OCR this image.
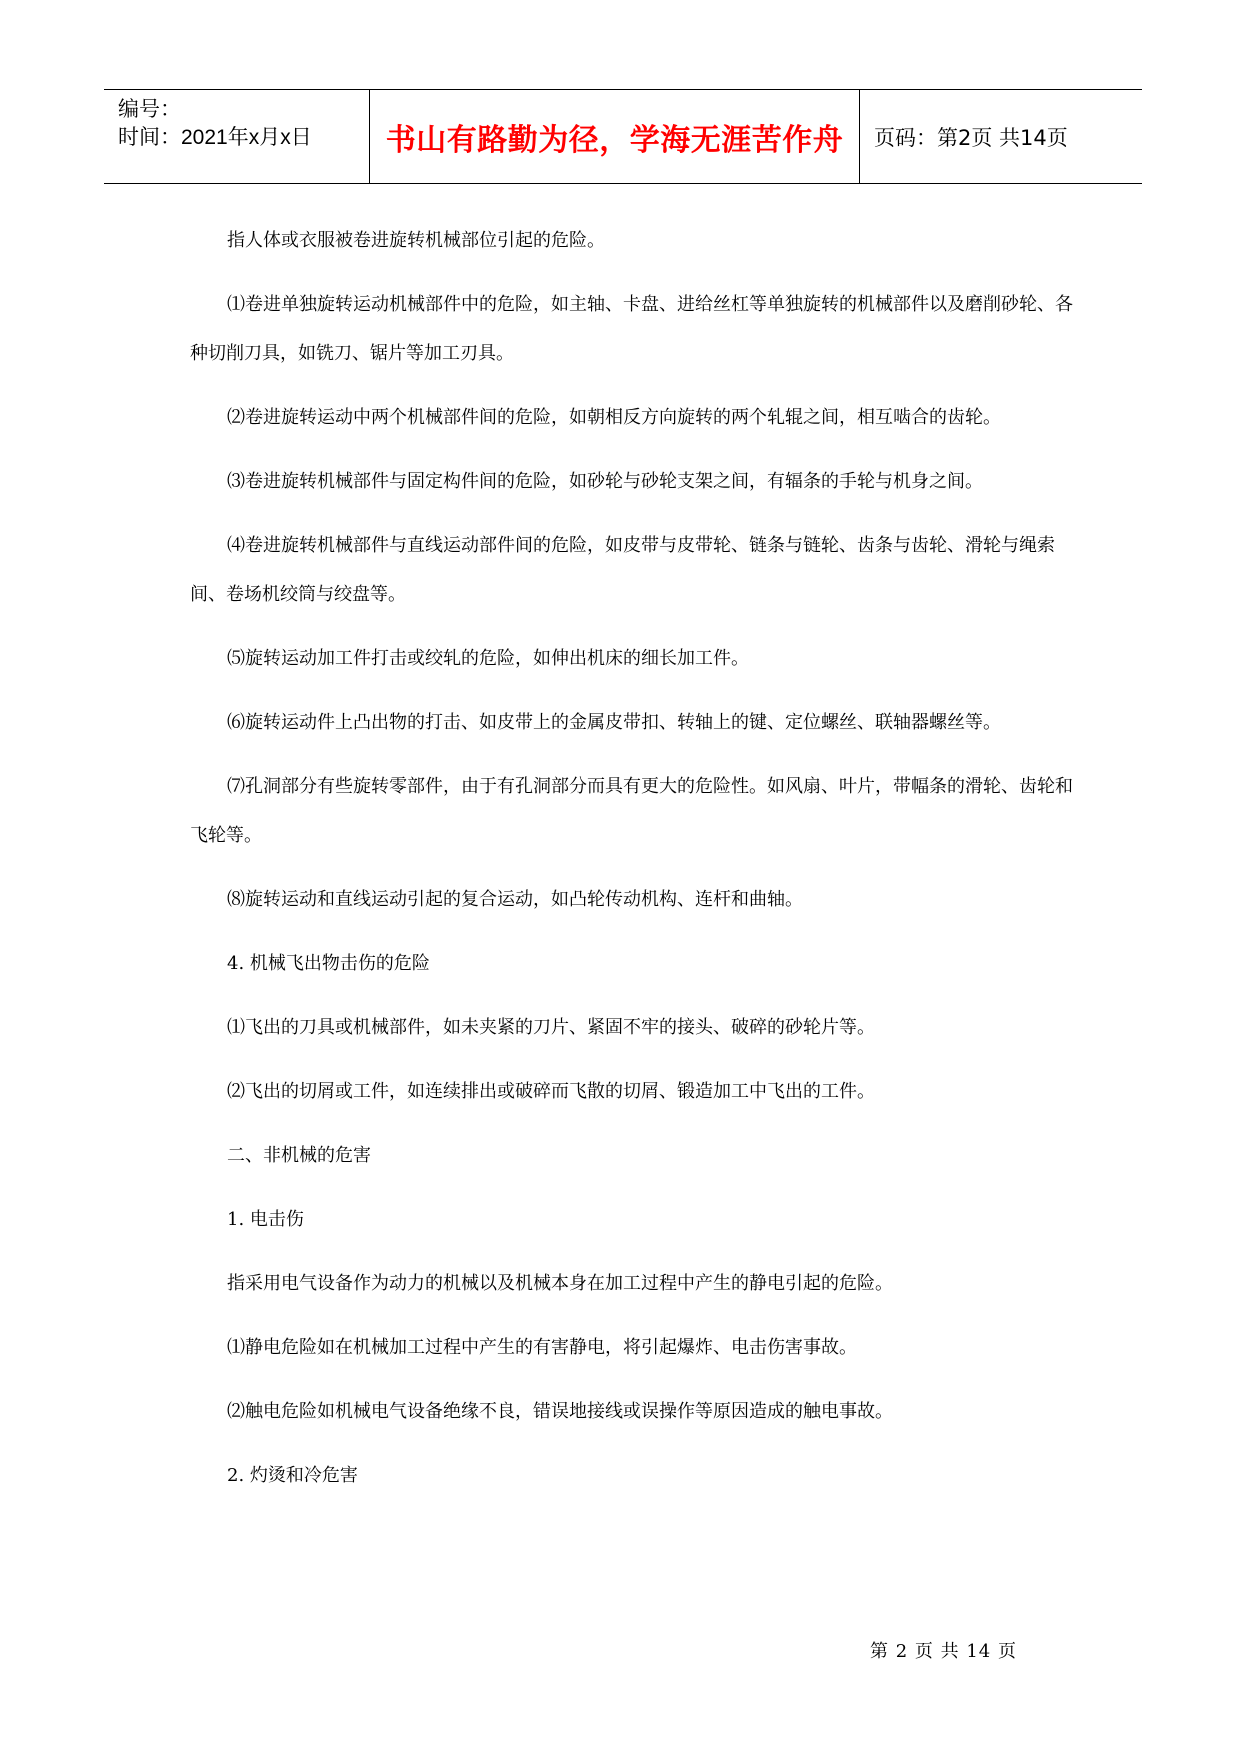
编号：
时间：2021年x月x日	书山有路勤为径，学海无涯苦作舟	页码：第2页 共14页

指人体或衣服被卷进旋转机械部位引起的危险。

⑴卷进单独旋转运动机械部件中的危险，如主轴、卡盘、进给丝杠等单独旋转的机械部件以及磨削砂轮、各种切削刀具，如铣刀、锯片等加工刃具。

⑵卷进旋转运动中两个机械部件间的危险，如朝相反方向旋转的两个轧辊之间，相互啮合的齿轮。

⑶卷进旋转机械部件与固定构件间的危险，如砂轮与砂轮支架之间，有辐条的手轮与机身之间。

⑷卷进旋转机械部件与直线运动部件间的危险，如皮带与皮带轮、链条与链轮、齿条与齿轮、滑轮与绳索间、卷场机绞筒与绞盘等。

⑸旋转运动加工件打击或绞轧的危险，如伸出机床的细长加工件。

⑹旋转运动件上凸出物的打击、如皮带上的金属皮带扣、转轴上的键、定位螺丝、联轴器螺丝等。

⑺孔洞部分有些旋转零部件，由于有孔洞部分而具有更大的危险性。如风扇、叶片，带幅条的滑轮、齿轮和飞轮等。

⑻旋转运动和直线运动引起的复合运动，如凸轮传动机构、连杆和曲轴。

4. 机械飞出物击伤的危险

⑴飞出的刀具或机械部件，如未夹紧的刀片、紧固不牢的接头、破碎的砂轮片等。

⑵飞出的切屑或工件，如连续排出或破碎而飞散的切屑、锻造加工中飞出的工件。

二、非机械的危害

1. 电击伤

指采用电气设备作为动力的机械以及机械本身在加工过程中产生的静电引起的危险。

⑴静电危险如在机械加工过程中产生的有害静电，将引起爆炸、电击伤害事故。

⑵触电危险如机械电气设备绝缘不良，错误地接线或误操作等原因造成的触电事故。

2. 灼烫和冷危害

第 2 页 共 14 页
